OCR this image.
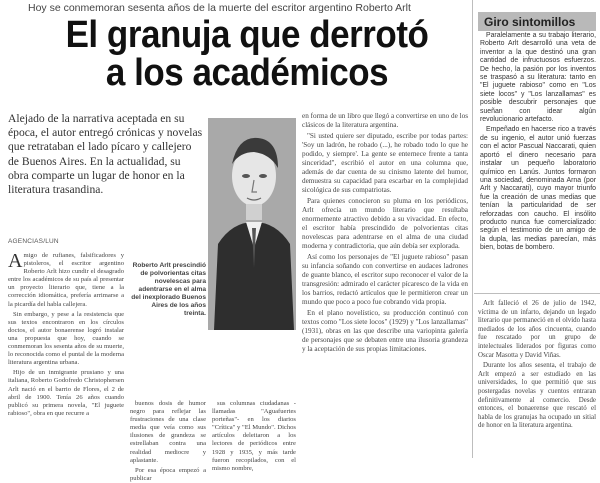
Hoy se conmemoran sesenta años de la muerte del escritor argentino Roberto Arlt
El granuja que derrotó
a los académicos
Alejado de la narrativa aceptada en su época, el autor entregó crónicas y novelas que retrataban el lado pícaro y callejero de Buenos Aires. En la actualidad, su obra comparte un lugar de honor en la literatura trasandina.
AGENCIAS/LUN

Amigo de rufianes, falsificadores y pistoleros, el escritor argentino Roberto Arlt hizo cundir el desagrado entre los académicos de su país al presentar un proyecto literario que, tiene a la corrección idiomática, prefería arrimarse a la picardía del habla callejera.

Sin embargo, y pese a la resistencia que sus textos encontraron en los círculos doctos, el autor bonaerense logró instalar una propuesta que hoy, cuando se conmemoran los sesenta años de su muerte, lo reconocida como el puntal de la moderna literatura argentina urbana.

Hijo de un inmigrante prusiano y una italiana, Roberto Godofredo Christophersen Arlt nació en el barrio de Flores, el 2 de abril de 1900. Tenía 26 años cuando publicó su primera novela, "El juguete rabioso", obra en que recurre a

Roberto Arlt prescindió de polvorientas citas novelescas para adentrarse en el alma del inexplorado Buenos Aires de los años treinta.

buenos dosis de humor negro para reflejar las frustraciones de una clase media que veía como sus ilusiones de grandeza se estrellaban contra una realidad mediocre y aplastante.

Por esa época empezó a publicar

sus columnas ciudadanas -llamadas "Aguafuertes porteñas"- en los diarios "Crítica" y "El Mundo". Dichos artículos deleitaron a los lectores de periódicos entre 1928 y 1935, y más tarde fueron recopilados, con el mismo nombre,

en forma de un libro que llegó a convertirse en uno de los clásicos de la literatura argentina.

"Si usted quiere ser diputado, escribe por todas partes: 'Soy un ladrón, he robado (...), he robado todo lo que he podido, y siempre'. La gente se enternece frente a tanta sinceridad", escribió el autor en una columna que, además de dar cuenta de su cinismo latente del humor, demuestra su capacidad para escarbar en la complejidad sicológica de sus compatriotas.

Para quienes conocieron su pluma en los periódicos, Arlt ofrecía un mundo literario que resultaba enormemente atractivo debido a su vivacidad. En efecto, el escritor había prescindido de polvorientas citas novelescas para adentrarse en el alma de una ciudad moderna y contradictoria, que aún debía ser explorada.

Así como los personajes de "El juguete rabioso" pasan su infancia soñando con convertirse en audaces ladrones de guante blanco, el escritor supo reconocer el valor de la transgresión: admirado el carácter pícaresco de la vida en los barrios, redactó artículos que le permitieron crear un mundo que poco a poco fue cobrando vida propia.

En el plano novelístico, su producción continuó con textos como "Los siete locos" (1929) y "Los lanzallamas" (1931), obras en las que describe una variopinta galería de personajes que se debaten entre una ilusoria grandeza y la aceptación de sus propias limitaciones.

Giro sintomillos

Paralelamente a su trabajo literario, Roberto Arlt desarrolló una veta de inventor a la que destinó una gran cantidad de infructuosos esfuerzos. De hecho, la pasión por los inventos se traspasó a su literatura: tanto en "El juguete rabioso" como en "Los siete locos" y "Los lanzallamas" es posible descubrir personajes que sueñan con idear algún revolucionario artefacto.

Empeñado en hacerse rico a través de su ingenio, el autor unió fuerzas con el actor Pascual Naccarati, quien aportó el dinero necesario para instalar un pequeño laboratorio químico en Lanús. Juntos formaron una sociedad, denominada Arna (por Arlt y Naccarati), cuyo mayor triunfo fue la creación de unas medias que tenían la particularidad de ser reforzadas con caucho. El insólito producto nunca fue comercializado: según el testimonio de un amigo de la dupla, las medias parecían, más bien, botas de bombero.

Arlt falleció el 26 de julio de 1942, víctima de un infarto, dejando un legado literario que permaneció en el olvido hasta mediados de los años cincuenta, cuando fue rescatado por un grupo de intelectuales liderados por figuras como Oscar Masotta y David Viñas.

Durante los años sesenta, el trabajo de Arlt empezó a ser estudiado en las universidades, lo que permitió que sus postergadas novelas y cuentos entraran definitivamente al comercio. Desde entonces, el bonaerense que rescató el habla de los granujas ha ocupado un sitial de honor en la literatura argentina.
